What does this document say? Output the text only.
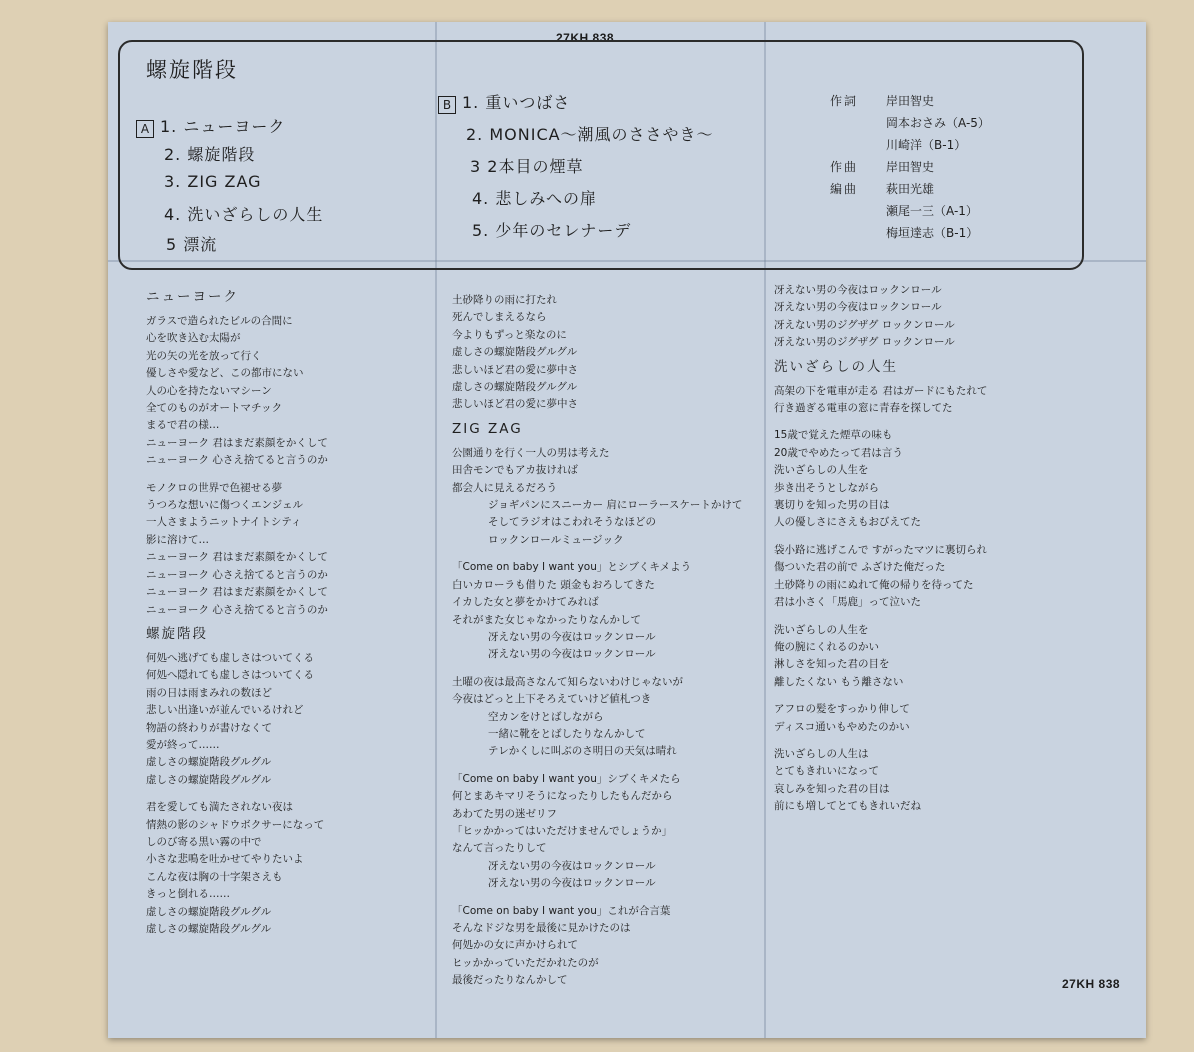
27KH 838
27KH 838
螺旋階段
A 1. ニューヨーク
2. 螺旋階段
3. ZIG ZAG
4. 洗いざらしの人生
5 漂流
B 1. 重いつばさ
2. MONICA〜潮風のささやき〜
3 2本目の煙草
4. 悲しみへの扉
5. 少年のセレナーデ
作詞	岸田智史
岡本おさみ（A-5）
川崎洋（B-1）
作曲	岸田智史
編曲	萩田光雄
瀬尾一三（A-1）
梅垣達志（B-1）
ニューヨーク
ガラスで造られたビルの合間に
心を吹き込む太陽が
光の矢の光を放って行く
優しさや愛など、この都市にない
人の心を持たないマシーン
全てのものがオートマチック
まるで君の様…
ニューヨーク 君はまだ素顔をかくして
ニューヨーク 心さえ捨てると言うのか
モノクロの世界で色褪せる夢
うつろな想いに傷つくエンジェル
一人さまようニットナイトシティ
影に溶けて…
ニューヨーク 君はまだ素顔をかくして
ニューヨーク 心さえ捨てると言うのか
ニューヨーク 君はまだ素顔をかくして
ニューヨーク 心さえ捨てると言うのか
螺旋階段
何処へ逃げても虚しさはついてくる
何処へ隠れても虚しさはついてくる
雨の日は雨まみれの数ほど
悲しい出逢いが並んでいるけれど
物語の終わりが書けなくて
愛が終って……
虚しさの螺旋階段グルグル
虚しさの螺旋階段グルグル
君を愛しても満たされない夜は
情熱の影のシャドウボクサーになって
しのび寄る黒い霧の中で
小さな悲鳴を吐かせてやりたいよ
こんな夜は胸の十字架さえも
きっと倒れる……
虚しさの螺旋階段グルグル
虚しさの螺旋階段グルグル
土砂降りの雨に打たれ
死んでしまえるなら
今よりもずっと楽なのに
虚しさの螺旋階段グルグル
悲しいほど君の愛に夢中さ
虚しさの螺旋階段グルグル
悲しいほど君の愛に夢中さ
ZIG ZAG
公園通りを行く一人の男は考えた
田舎モンでもアカ抜ければ
都会人に見えるだろう
ジョギパンにスニーカー 肩にローラースケートかけて
そしてラジオはこわれそうなほどの
ロックンロールミュージック
「Come on baby I want you」とシブくキメよう
白いカローラも借りた 頭金もおろしてきた
イカした女と夢をかけてみれば
それがまた女じゃなかったりなんかして
冴えない男の今夜はロックンロール
冴えない男の今夜はロックンロール
土曜の夜は最高さなんて知らないわけじゃないが
今夜はどっと上下そろえていけど値札つき
空カンをけとばしながら
一緒に靴をとばしたりなんかして
テレかくしに叫ぶのさ明日の天気は晴れ
「Come on baby I want you」シブくキメたら
何とまあキマリそうになったりしたもんだから
あわてた男の迷ゼリフ
「ヒッかかってはいただけませんでしょうか」
なんて言ったりして
冴えない男の今夜はロックンロール
冴えない男の今夜はロックンロール
「Come on baby I want you」これが合言葉
そんなドジな男を最後に見かけたのは
何処かの女に声かけられて
ヒッかかっていただかれたのが
最後だったりなんかして
冴えない男の今夜はロックンロール
冴えない男の今夜はロックンロール
冴えない男のジグザグ ロックンロール
冴えない男のジグザグ ロックンロール
洗いざらしの人生
高架の下を電車が走る 君はガードにもたれて
行き過ぎる電車の窓に青春を探してた
15歳で覚えた煙草の味も
20歳でやめたって君は言う
洗いざらしの人生を
歩き出そうとしながら
裏切りを知った男の目は
人の優しさにさえもおびえてた
袋小路に逃げこんで すがったマツに裏切られ
傷ついた君の前で ふざけた俺だった
土砂降りの雨にぬれて俺の帰りを待ってた
君は小さく「馬鹿」って泣いた
洗いざらしの人生を
俺の腕にくれるのかい
淋しさを知った君の目を
離したくない もう離さない
アフロの髪をすっかり伸して
ディスコ通いもやめたのかい
洗いざらしの人生は
とてもきれいになって
哀しみを知った君の目は
前にも増してとてもきれいだね
